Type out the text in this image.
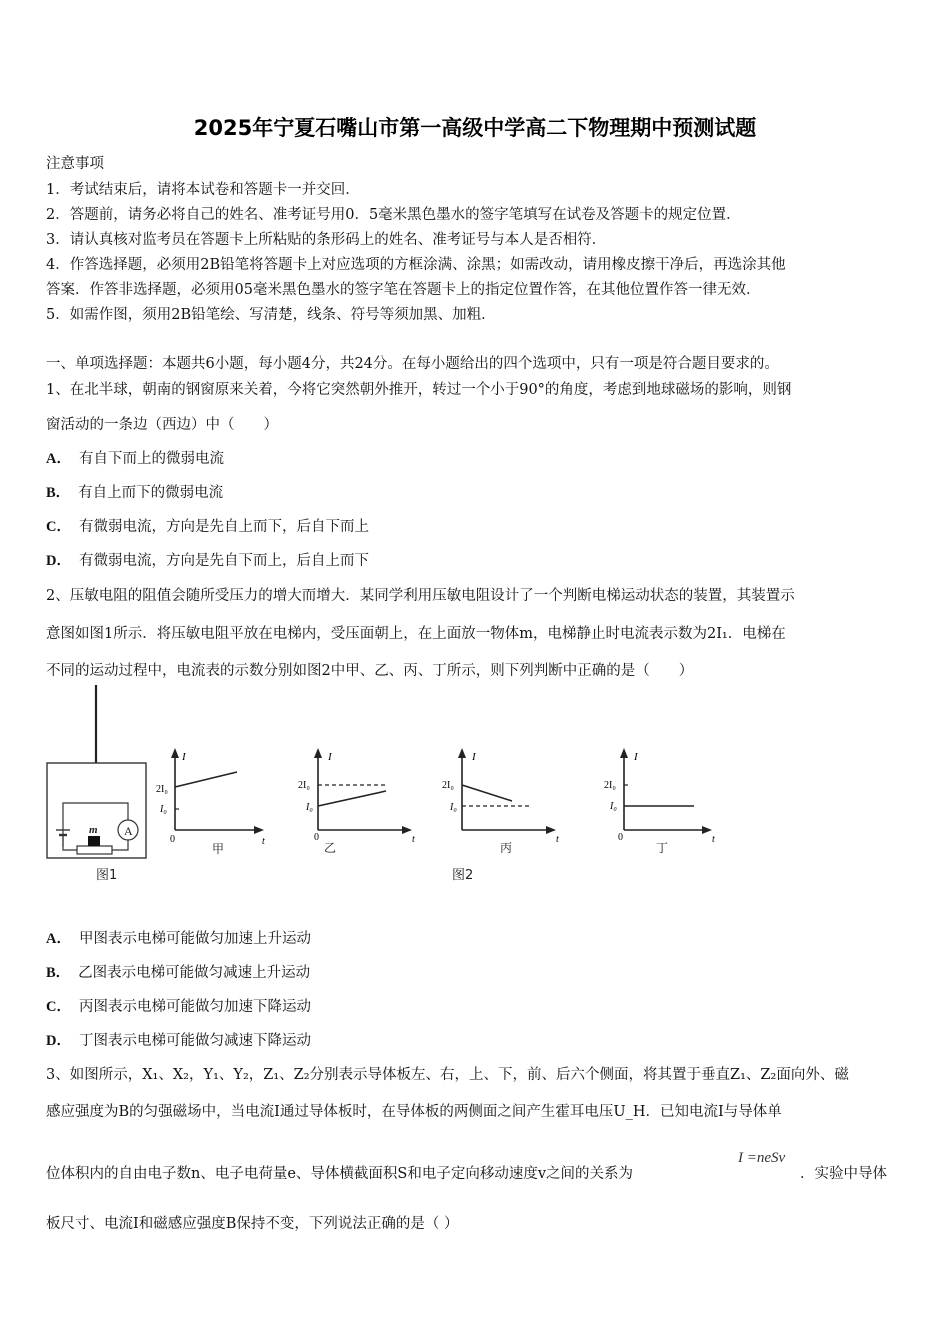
2025年宁夏石嘴山市第一高级中学高二下物理期中预测试题
注意事项
1．考试结束后，请将本试卷和答题卡一并交回．
2．答题前，请务必将自己的姓名、准考证号用0．5毫米黑色墨水的签字笔填写在试卷及答题卡的规定位置．
3．请认真核对监考员在答题卡上所粘贴的条形码上的姓名、准考证号与本人是否相符．
4．作答选择题，必须用2B铅笔将答题卡上对应选项的方框涂满、涂黑；如需改动，请用橡皮擦干净后，再选涂其他
答案．作答非选择题，必须用05毫米黑色墨水的签字笔在答题卡上的指定位置作答，在其他位置作答一律无效．
5．如需作图，须用2B铅笔绘、写清楚，线条、符号等须加黑、加粗．
一、单项选择题：本题共6小题，每小题4分，共24分。在每小题给出的四个选项中，只有一项是符合题目要求的。
1、在北半球，朝南的钢窗原来关着，今将它突然朝外推开，转过一个小于90°的角度，考虑到地球磁场的影响，则钢
窗活动的一条边（西边）中（　　）
A． 有自下而上的微弱电流
B． 有自上而下的微弱电流
C． 有微弱电流，方向是先自上而下，后自下而上
D． 有微弱电流，方向是先自下而上，后自上而下
2、压敏电阻的阻值会随所受压力的增大而增大．某同学利用压敏电阻设计了一个判断电梯运动状态的装置，其装置示
意图如图1所示．将压敏电阻平放在电梯内，受压面朝上，在上面放一物体m，电梯静止时电流表示数为2I₁．电梯在
不同的运动过程中，电流表的示数分别如图2中甲、乙、丙、丁所示，则下列判断中正确的是（　　）
A
m
图1
I
2I₀
I₀
0	t
甲
I
2I₀
I₀
0	t
乙
I
2I₀
I₀
t
丙
图2
I
2I₀
I₀
0	t
丁
A． 甲图表示电梯可能做匀加速上升运动
B． 乙图表示电梯可能做匀减速上升运动
C． 丙图表示电梯可能做匀加速下降运动
D． 丁图表示电梯可能做匀减速下降运动
3、如图所示，X₁、X₂，Y₁、Y₂，Z₁、Z₂分别表示导体板左、右，上、下，前、后六个侧面，将其置于垂直Z₁、Z₂面向外、磁
感应强度为B的匀强磁场中，当电流I通过导体板时，在导体板的两侧面之间产生霍耳电压U_H．已知电流I与导体单
位体积内的自由电子数n、电子电荷量e、导体横截面积S和电子定向移动速度v之间的关系为
I =neSv
．实验中导体
板尺寸、电流I和磁感应强度B保持不变，下列说法正确的是（ ）
